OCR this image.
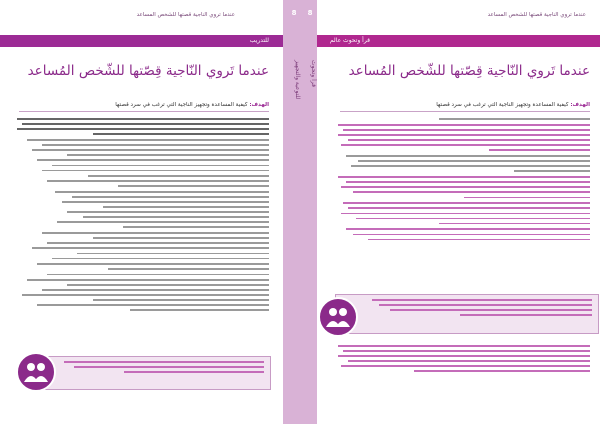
عندما تروي الناجية قصتها للشخص المساعد
للتدريب
عندما تَروي النّاجية قِصّتها للشّخص المُساعد
الهدف: كيفية المساعدة وتجهيز الناجية التي ترغب في سرد قصتها
8	8
للتوعية والتجهيز	قرأ وتحوث
عندما تروي الناجية قصتها للشخص المساعد
قرأ وتحوث عالم
عندما تَروي النّاجية قِصّتها للشّخص المُساعد
الهدف: كيفية المساعدة وتجهيز الناجية التي ترغب في سرد قصتها
